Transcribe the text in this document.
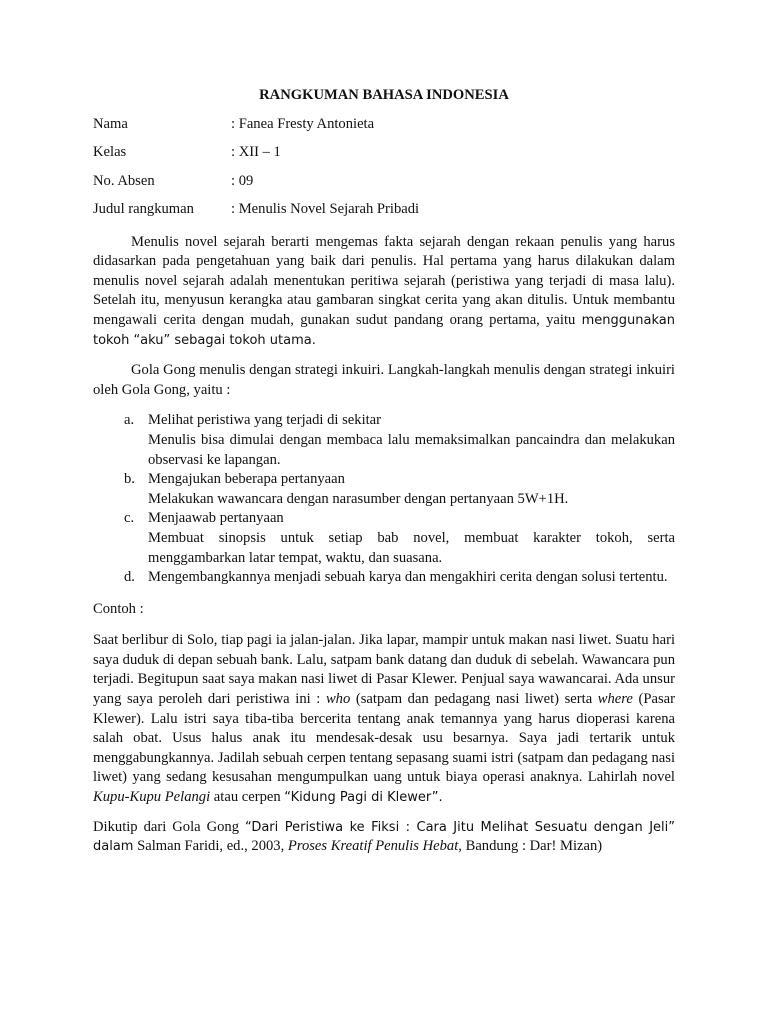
RANGKUMAN BAHASA INDONESIA
Nama	: Fanea Fresty Antonieta
Kelas	: XII – 1
No. Absen	: 09
Judul rangkuman	: Menulis Novel Sejarah Pribadi

Menulis novel sejarah berarti mengemas fakta sejarah dengan rekaan penulis yang harus didasarkan pada pengetahuan yang baik dari penulis. Hal pertama yang harus dilakukan dalam menulis novel sejarah adalah menentukan peritiwa sejarah (peristiwa yang terjadi di masa lalu). Setelah itu, menyusun kerangka atau gambaran singkat cerita yang akan ditulis. Untuk membantu mengawali cerita dengan mudah, gunakan sudut pandang orang pertama, yaitu menggunakan tokoh “aku” sebagai tokoh utama.

Gola Gong menulis dengan strategi inkuiri. Langkah-langkah menulis dengan strategi inkuiri oleh Gola Gong, yaitu :

a. Melihat peristiwa yang terjadi di sekitar
Menulis bisa dimulai dengan membaca lalu memaksimalkan pancaindra dan melakukan observasi ke lapangan.
b. Mengajukan beberapa pertanyaan
Melakukan wawancara dengan narasumber dengan pertanyaan 5W+1H.
c. Menjaawab pertanyaan
Membuat sinopsis untuk setiap bab novel, membuat karakter tokoh, serta menggambarkan latar tempat, waktu, dan suasana.
d. Mengembangkannya menjadi sebuah karya dan mengakhiri cerita dengan solusi tertentu.

Contoh :

Saat berlibur di Solo, tiap pagi ia jalan-jalan. Jika lapar, mampir untuk makan nasi liwet. Suatu hari saya duduk di depan sebuah bank. Lalu, satpam bank datang dan duduk di sebelah. Wawancara pun terjadi. Begitupun saat saya makan nasi liwet di Pasar Klewer. Penjual saya wawancarai. Ada unsur yang saya peroleh dari peristiwa ini : who (satpam dan pedagang nasi liwet) serta where (Pasar Klewer). Lalu istri saya tiba-tiba bercerita tentang anak temannya yang harus dioperasi karena salah obat. Usus halus anak itu mendesak-desak usu besarnya. Saya jadi tertarik untuk menggabungkannya. Jadilah sebuah cerpen tentang sepasang suami istri (satpam dan pedagang nasi liwet) yang sedang kesusahan mengumpulkan uang untuk biaya operasi anaknya. Lahirlah novel Kupu-Kupu Pelangi atau cerpen “Kidung Pagi di Klewer”.

Dikutip dari Gola Gong “Dari Peristiwa ke Fiksi : Cara Jitu Melihat Sesuatu dengan Jeli” dalam Salman Faridi, ed., 2003, Proses Kreatif Penulis Hebat, Bandung : Dar! Mizan)
